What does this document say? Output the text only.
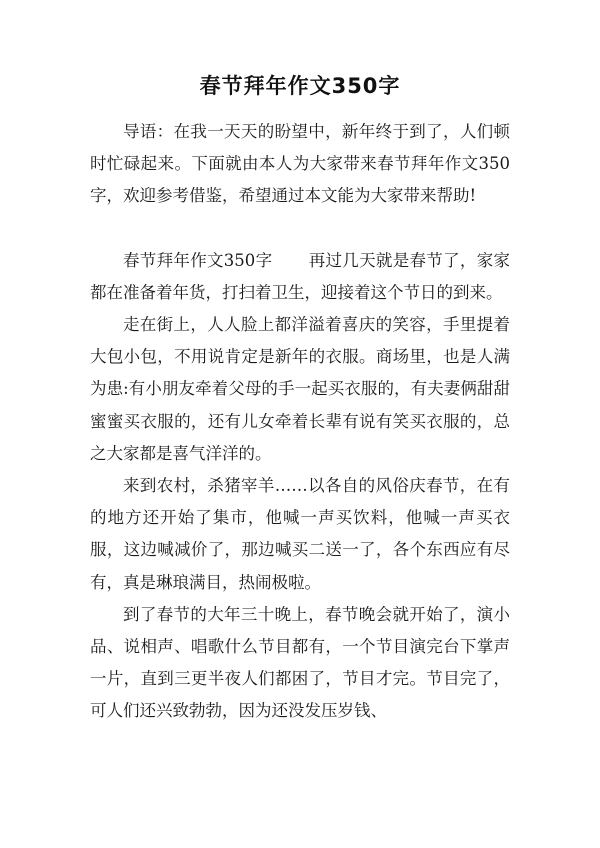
春节拜年作文350字

导语：在我一天天的盼望中，新年终于到了，人们顿时忙碌起来。下面就由本人为大家带来春节拜年作文350字，欢迎参考借鉴，希望通过本文能为大家带来帮助!

春节拜年作文350字 再过几天就是春节了，家家都在准备着年货，打扫着卫生，迎接着这个节日的到来。

走在街上，人人脸上都洋溢着喜庆的笑容，手里提着大包小包，不用说肯定是新年的衣服。商场里，也是人满为患:有小朋友牵着父母的手一起买衣服的，有夫妻俩甜甜蜜蜜买衣服的，还有儿女牵着长辈有说有笑买衣服的，总之大家都是喜气洋洋的。

来到农村，杀猪宰羊……以各自的风俗庆春节，在有的地方还开始了集市，他喊一声买饮料，他喊一声买衣服，这边喊减价了，那边喊买二送一了，各个东西应有尽有，真是琳琅满目，热闹极啦。

到了春节的大年三十晚上，春节晚会就开始了，演小品、说相声、唱歌什么节目都有，一个节目演完台下掌声一片，直到三更半夜人们都困了，节目才完。节目完了，可人们还兴致勃勃，因为还没发压岁钱、
